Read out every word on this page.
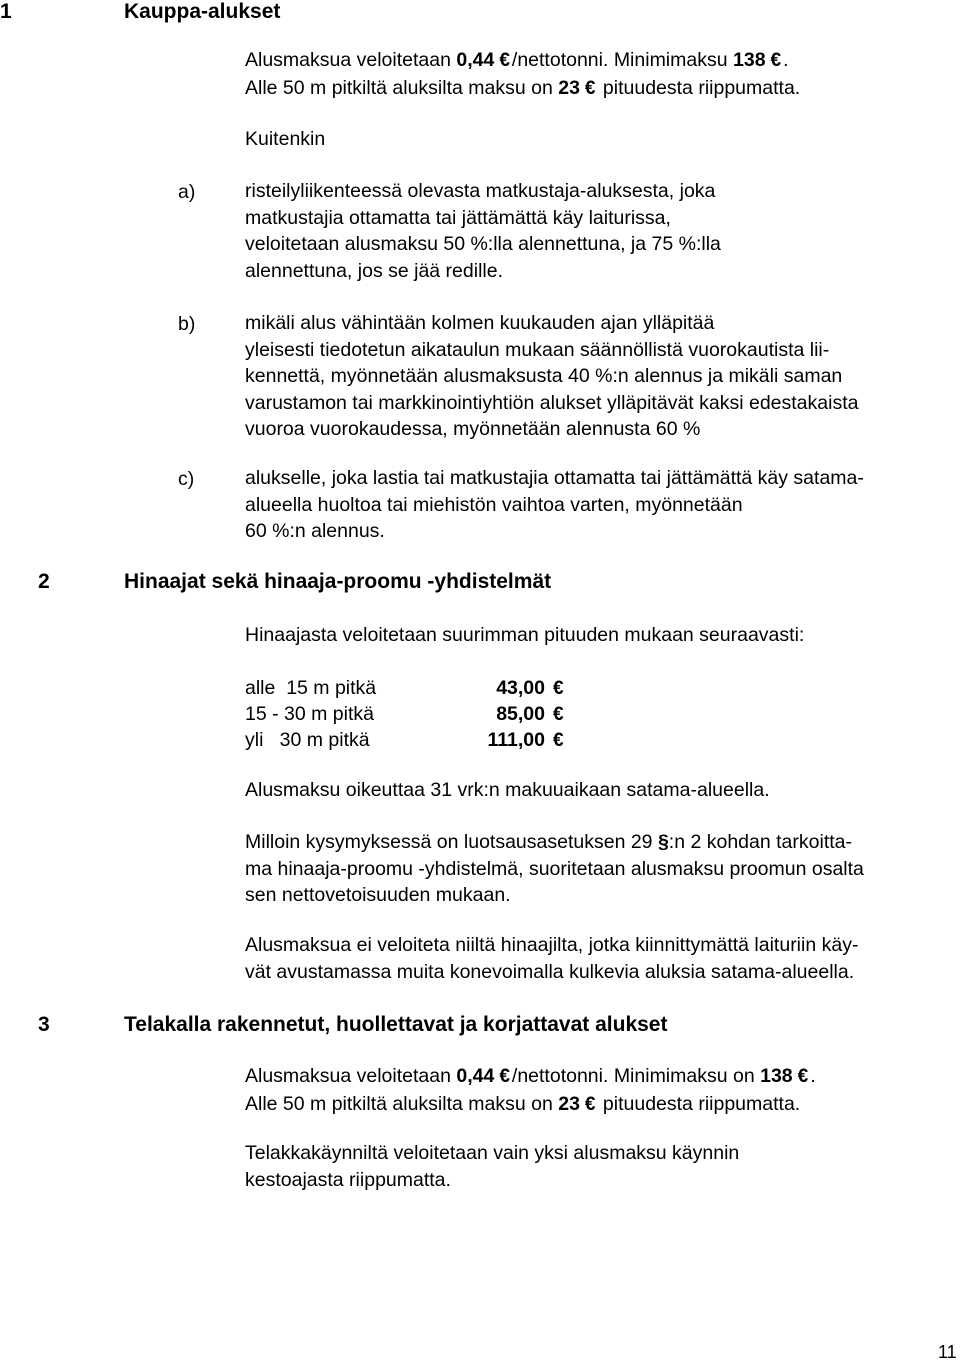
1	Kauppa-alukset
Alusmaksua veloitetaan 0,44 € /nettotonni. Minimimaksu 138 € .
Alle 50 m pitkiltä aluksilta maksu on 23 € pituudesta riippumatta.
Kuitenkin
a)	risteilyliikenteessä olevasta matkustaja-aluksesta, joka
matkustajia ottamatta tai jättämättä käy laiturissa,
veloitetaan alusmaksu 50 %:lla alennettuna, ja 75 %:lla
alennettuna, jos se jää redille.
b)	mikäli alus vähintään kolmen kuukauden ajan ylläpitää
yleisesti tiedotetun aikataulun mukaan säännöllistä vuorokautista lii-
kennettä, myönnetään alusmaksusta 40 %:n alennus ja mikäli saman
varustamon tai markkinointiyhtiön alukset ylläpitävät kaksi edestakaista
vuoroa vuorokaudessa, myönnetään alennusta 60 %
c)	alukselle, joka lastia tai matkustajia ottamatta tai jättämättä käy satama-
alueella huoltoa tai miehistön vaihtoa varten, myönnetään
60 %:n alennus.
2	Hinaajat sekä hinaaja-proomu -yhdistelmät
Hinaajasta veloitetaan suurimman pituuden mukaan seuraavasti:
alle  15 m pitkä	43,00 €
15 - 30 m pitkä	85,00 €
yli   30 m pitkä	111,00 €
Alusmaksu oikeuttaa 31 vrk:n makuuaikaan satama-alueella.
Milloin kysymyksessä on luotsausasetuksen 29 §:n 2 kohdan tarkoitta-
ma hinaaja-proomu -yhdistelmä, suoritetaan alusmaksu proomun osalta
sen nettovetoisuuden mukaan.
Alusmaksua ei veloiteta niiltä hinaajilta, jotka kiinnittymättä laituriin käy-
vät avustamassa muita konevoimalla kulkevia aluksia satama-alueella.
3	Telakalla rakennetut, huollettavat ja korjattavat alukset
Alusmaksua veloitetaan 0,44 € /nettotonni. Minimimaksu on 138 € .
Alle 50 m pitkiltä aluksilta maksu on 23 € pituudesta riippumatta.
Telakkakäynniltä veloitetaan vain yksi alusmaksu käynnin
kestoajasta riippumatta.
11
